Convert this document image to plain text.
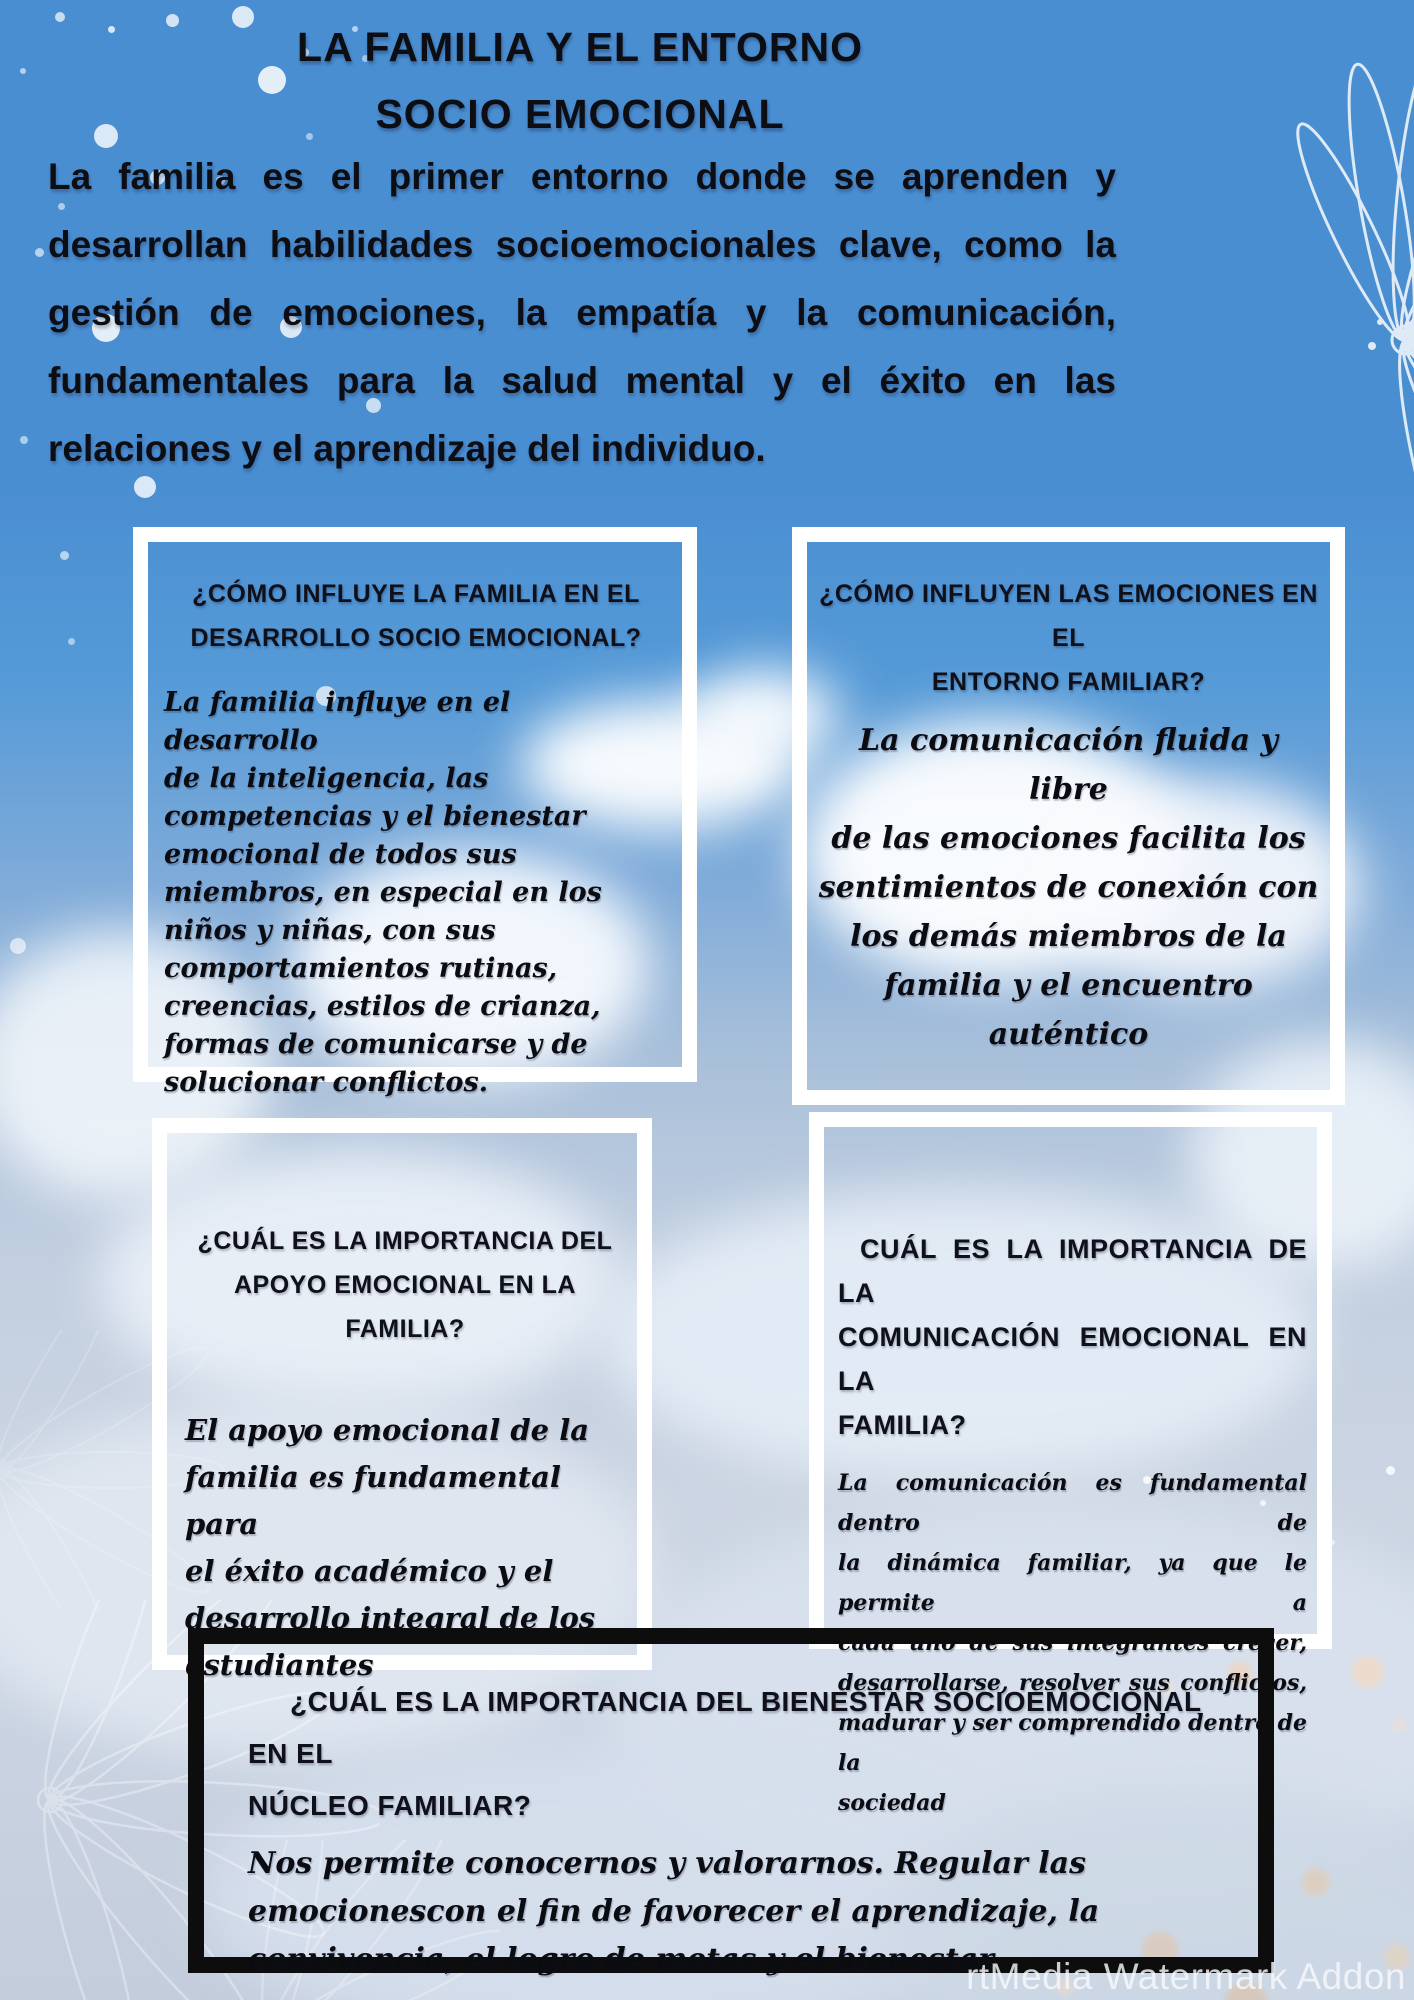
LA FAMILIA Y EL ENTORNO
SOCIO EMOCIONAL
La familia es el primer entorno donde se aprenden y
desarrollan habilidades socioemocionales clave, como la
gestión de emociones, la empatía y la comunicación,
fundamentales para la salud mental y el éxito en las
relaciones y el aprendizaje del individuo.
¿CÓMO INFLUYE LA FAMILIA EN EL
DESARROLLO SOCIO EMOCIONAL?
La familia influye en el desarrollo
de la inteligencia, las
competencias y el bienestar
emocional de todos sus
miembros, en especial en los
niños y niñas, con sus
comportamientos rutinas,
creencias, estilos de crianza,
formas de comunicarse y de
solucionar conflictos.
¿CÓMO INFLUYEN LAS EMOCIONES EN EL
ENTORNO FAMILIAR?
La comunicación fluida y libre
de las emociones facilita los
sentimientos de conexión con
los demás miembros de la
familia y el encuentro auténtico
¿CUÁL ES LA IMPORTANCIA DEL
APOYO EMOCIONAL EN LA FAMILIA?
El apoyo emocional de la
familia es fundamental para
el éxito académico y el
desarrollo integral de los
estudiantes
CUÁL ES LA IMPORTANCIA DE LA
COMUNICACIÓN EMOCIONAL EN LA
FAMILIA?
La comunicación es fundamental dentro de
la dinámica familiar, ya que le permite a
cada uno de sus integrantes crecer,
desarrollarse, resolver sus conflictos,
madurar y ser comprendido dentro de la
sociedad
¿CUÁL ES LA IMPORTANCIA DEL BIENESTAR SOCIOEMOCIONAL EN EL
NÚCLEO FAMILIAR?
Nos permite conocernos y valorarnos. Regular las
emocionescon el fin de favorecer el aprendizaje, la
convivencia, el logro de metas y el bienestar.
rtMedia Watermark Addon
